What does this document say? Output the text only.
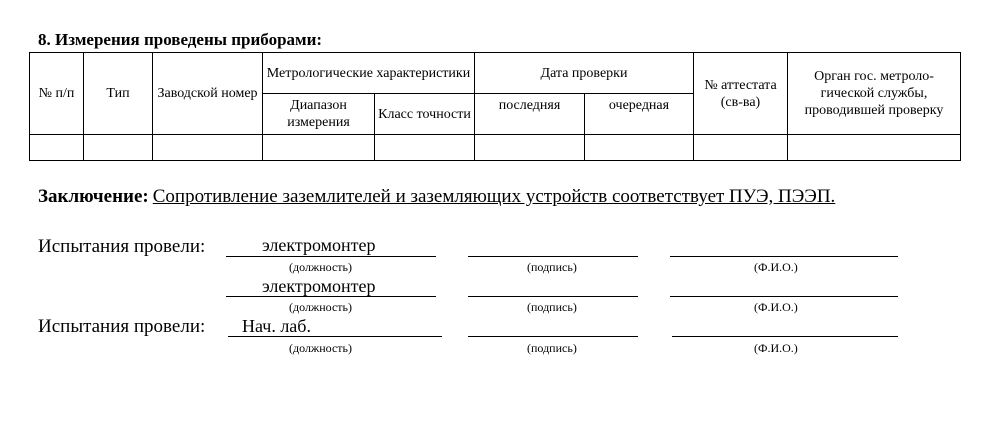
8. Измерения проведены приборами:
№ п/п	Тип	Заводской номер	Метрологические характеристики		Дата проверки		№ аттестата (св-ва)	Орган гос. метроло-гической службы, проводившей проверку
			Диапазон измерения	Класс точности	последняя	очередная		

Заключение: Сопротивление заземлителей и заземляющих устройств соответствует ПУЭ, ПЭЭП.
Испытания провели:	электромонтер
(должность)	(подпись)	(Ф.И.О.)
электромонтер
(должность)	(подпись)	(Ф.И.О.)
Испытания провели: Нач. лаб.
(должность)	(подпись)	(Ф.И.О.)
